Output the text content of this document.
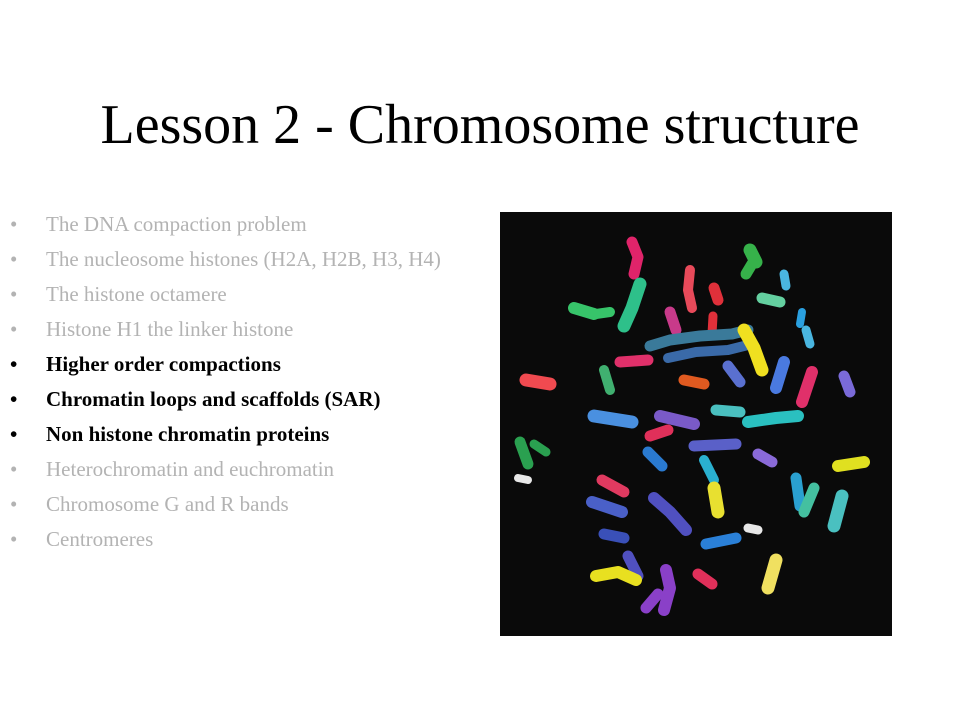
Lesson 2 - Chromosome structure
• The DNA compaction problem
• The nucleosome histones (H2A, H2B, H3, H4)
• The histone octamere
• Histone H1 the linker histone
• Higher order compactions
• Chromatin loops and scaffolds (SAR)
• Non histone chromatin proteins
• Heterochromatin and euchromatin
• Chromosome G and R bands
• Centromeres
